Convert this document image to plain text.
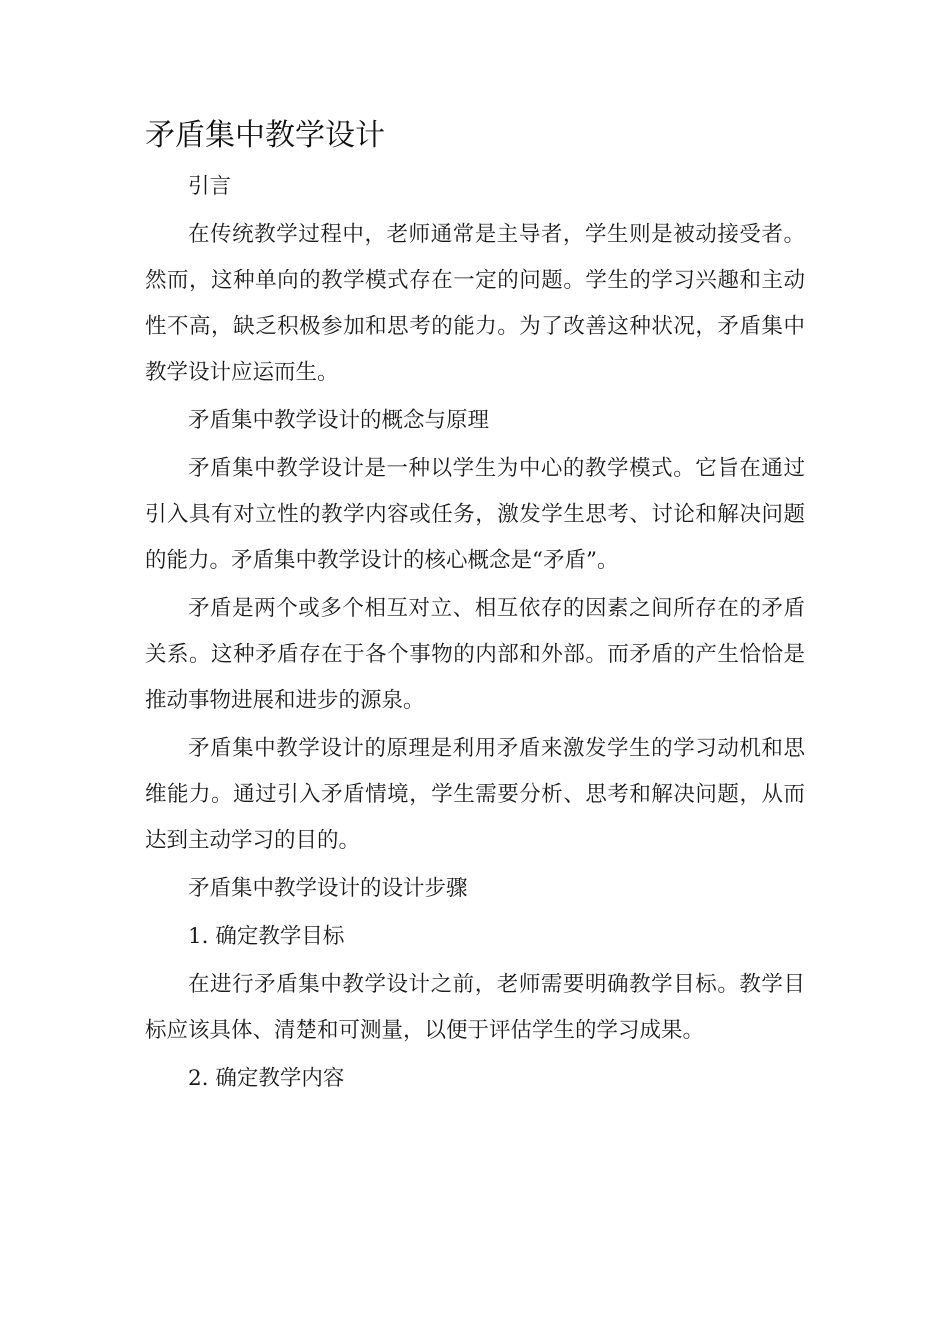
矛盾集中教学设计

引言

在传统教学过程中，老师通常是主导者，学生则是被动接受者。然而，这种单向的教学模式存在一定的问题。学生的学习兴趣和主动性不高，缺乏积极参加和思考的能力。为了改善这种状况，矛盾集中教学设计应运而生。

矛盾集中教学设计的概念与原理

矛盾集中教学设计是一种以学生为中心的教学模式。它旨在通过引入具有对立性的教学内容或任务，激发学生思考、讨论和解决问题的能力。矛盾集中教学设计的核心概念是“矛盾”。

矛盾是两个或多个相互对立、相互依存的因素之间所存在的矛盾关系。这种矛盾存在于各个事物的内部和外部。而矛盾的产生恰恰是推动事物进展和进步的源泉。

矛盾集中教学设计的原理是利用矛盾来激发学生的学习动机和思维能力。通过引入矛盾情境，学生需要分析、思考和解决问题，从而达到主动学习的目的。

矛盾集中教学设计的设计步骤

1. 确定教学目标

在进行矛盾集中教学设计之前，老师需要明确教学目标。教学目标应该具体、清楚和可测量，以便于评估学生的学习成果。

2. 确定教学内容
